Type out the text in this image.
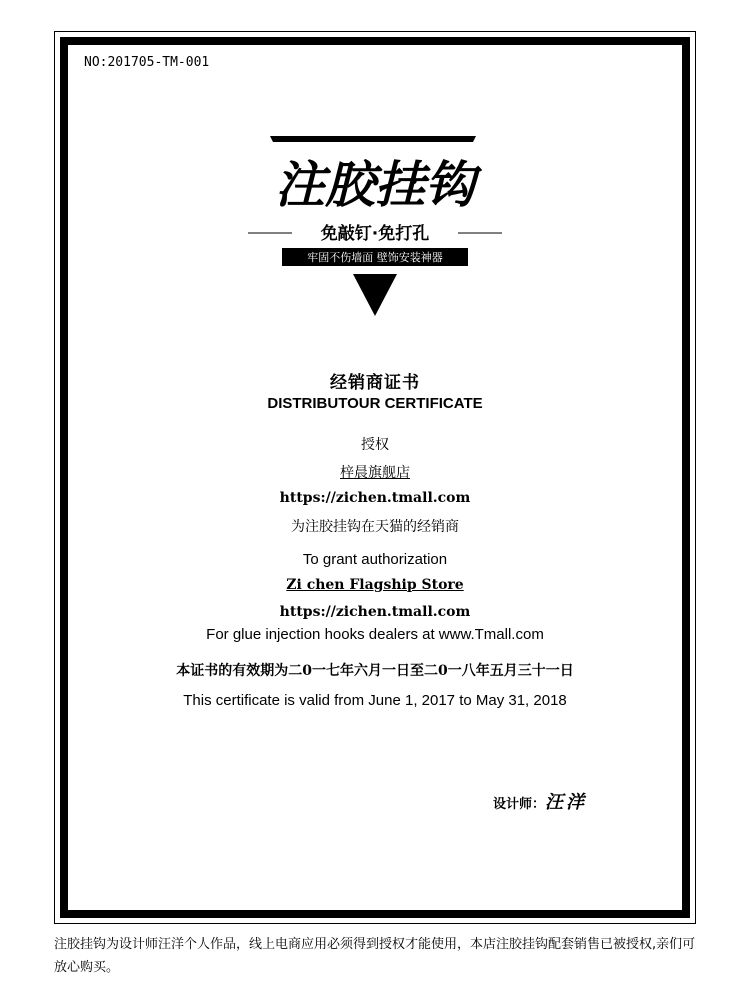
NO:201705-TM-001
注胶挂钩
免敲钉·免打孔
牢固不伤墙面 壁饰安装神器
经销商证书
DISTRIBUTOUR CERTIFICATE
授权
梓晨旗舰店
https://zichen.tmall.com
为注胶挂钩在天猫的经销商
To grant authorization
Zi chen Flagship Store
https://zichen.tmall.com
For glue injection hooks dealers at www.Tmall.com
本证书的有效期为二0一七年六月一日至二0一八年五月三十一日
This certificate is valid from June 1, 2017 to May 31, 2018
设计师：汪洋
注胶挂钩为设计师汪洋个人作品，线上电商应用必须得到授权才能使用，本店注胶挂钩配套销售已被授权,亲们可放心购买。
